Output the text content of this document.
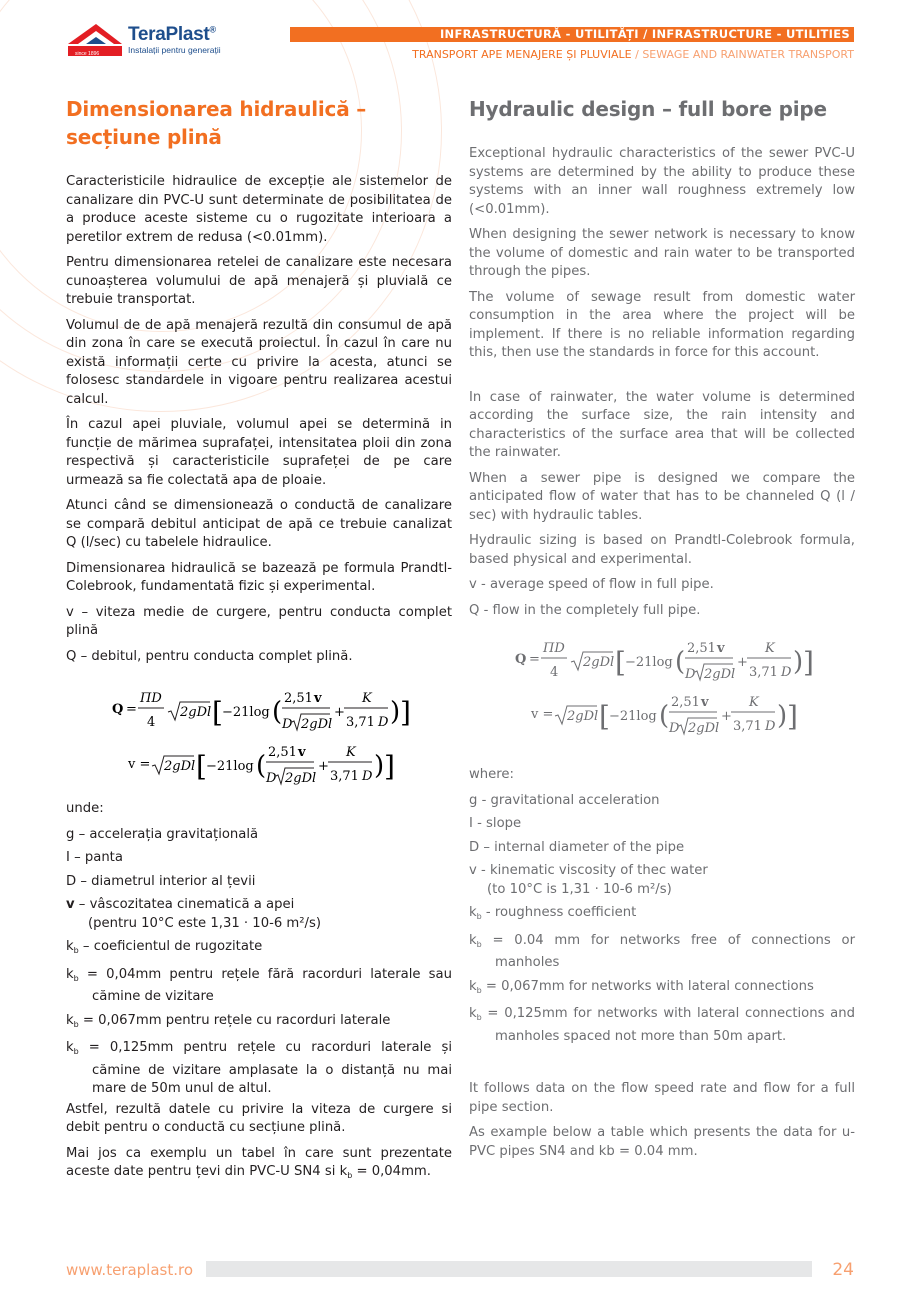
since 1896
TeraPlast®
Instalații pentru generații
INFRASTRUCTURĂ - UTILITĂȚI / INFRASTRUCTURE - UTILITIES
TRANSPORT APE MENAJERE ȘI PLUVIALE / SEWAGE AND RAINWATER TRANSPORT
Dimensionarea hidraulică – secțiune plină

Caracteristicile hidraulice de excepție ale sistemelor de canalizare din PVC-U sunt determinate de posibilitatea de a produce aceste sisteme cu o rugozitate interioara a peretilor extrem de redusa (<0.01mm).

Pentru dimensionarea retelei de canalizare este necesara cunoașterea volumului de apă menajeră și pluvială ce trebuie transportat.

Volumul de de apă menajeră rezultă din consumul de apă din zona în care se execută proiectul. În cazul în care nu există informații certe cu privire la acesta, atunci se folosesc standardele in vigoare pentru realizarea acestui calcul.

În cazul apei pluviale, volumul apei se determină in funcție de mărimea suprafaței, intensitatea ploii din zona respectivă și caracteristicile suprafeței de pe care urmează sa fie colectată apa de ploaie.

Atunci când se dimensionează o conductă de canalizare se compară debitul anticipat de apă ce trebuie canalizat Q (l/sec) cu tabelele hidraulice.

Dimensionarea hidraulică se bazează pe formula Prandtl-Colebrook, fundamentată fizic și experimental.

v – viteza medie de curgere, pentru conducta complet plină

Q – debitul, pentru conducta complet plină.

Q =
ΠD
4
2gDl [ −21log ( 2,51 v
D 2gDl
+
K
3,71 D ) ]
v = 2gDl [ −21log ( 2,51 v
D 2gDl
+
K
3,71 D ) ]

unde:

g – accelerația gravitațională

I – panta

D – diametrul interior al țevii

v – vâscozitatea cinematică a apei

(pentru 10°C este 1,31 · 10-6 m²/s)

$k_b$ – coeficientul de rugozitate

$k_b = 0,04mm$ pentru rețele fără racorduri laterale sau cămine de vizitare

$k_b = 0,067mm$ pentru rețele cu racorduri laterale

$k_b = 0,125mm$ pentru rețele cu racorduri laterale și cămine de vizitare amplasate la o distanță nu mai mare de 50m unul de altul.

Astfel, rezultă datele cu privire la viteza de curgere si debit pentru o conductă cu secțiune plină.

Mai jos ca exemplu un tabel în care sunt prezentate aceste date pentru țevi din PVC-U SN4 si $k_b = 0,04mm$.

Hydraulic design – full bore pipe

Exceptional hydraulic characteristics of the sewer PVC-U systems are determined by the ability to produce these systems with an inner wall roughness extremely low (<0.01mm).

When designing the sewer network is necessary to know the volume of domestic and rain water to be transported through the pipes.

The volume of sewage result from domestic water consumption in the area where the project will be implement. If there is no reliable information regarding this, then use the standards in force for this account.

In case of rainwater, the water volume is determined according the surface size, the rain intensity and characteristics of the surface area that will be collected the rainwater.

When a sewer pipe is designed we compare the anticipated flow of water that has to be channeled Q (l / sec) with hydraulic tables.

Hydraulic sizing is based on Prandtl-Colebrook formula, based physical and experimental.

v - average speed of flow in full pipe.

Q - flow in the completely full pipe.

Q =
ΠD
4
2gDl [ −21log ( 2,51 v
D 2gDl
+
K
3,71 D ) ]
v = 2gDl [ −21log ( 2,51 v
D 2gDl
+
K
3,71 D ) ]

where:

g - gravitational acceleration

I - slope

D – internal diameter of the pipe

v - kinematic viscosity of thec water

(to 10°C is 1,31 · 10-6 m²/s)

$k_b$ - roughness coefficient

$k_b = 0.04$ mm for networks free of connections or manholes

$k_b = 0,067mm$ for networks with lateral connections

$k_b = 0,125mm$ for networks with lateral connections and manholes spaced not more than 50m apart.

It follows data on the flow speed rate and flow for a full pipe section.

As example below a table which presents the data for u-PVC pipes SN4 and kb = 0.04 mm.

www.teraplast.ro	24
